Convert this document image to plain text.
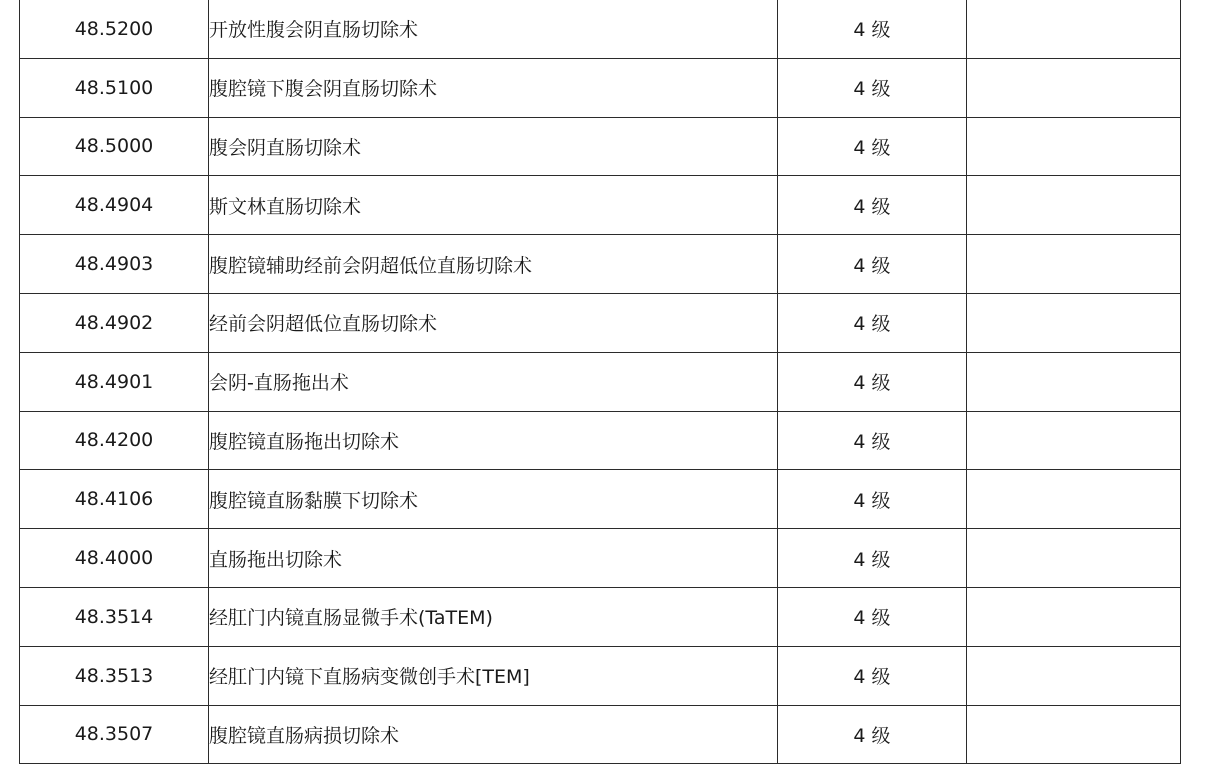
48.5200	开放性腹会阴直肠切除术	4 级	
48.5100	腹腔镜下腹会阴直肠切除术	4 级	
48.5000	腹会阴直肠切除术	4 级	
48.4904	斯文林直肠切除术	4 级	
48.4903	腹腔镜辅助经前会阴超低位直肠切除术	4 级	
48.4902	经前会阴超低位直肠切除术	4 级	
48.4901	会阴-直肠拖出术	4 级	
48.4200	腹腔镜直肠拖出切除术	4 级	
48.4106	腹腔镜直肠黏膜下切除术	4 级	
48.4000	直肠拖出切除术	4 级	
48.3514	经肛门内镜直肠显微手术(TaTEM)	4 级	
48.3513	经肛门内镜下直肠病变微创手术[TEM]	4 级	
48.3507	腹腔镜直肠病损切除术	4 级	
